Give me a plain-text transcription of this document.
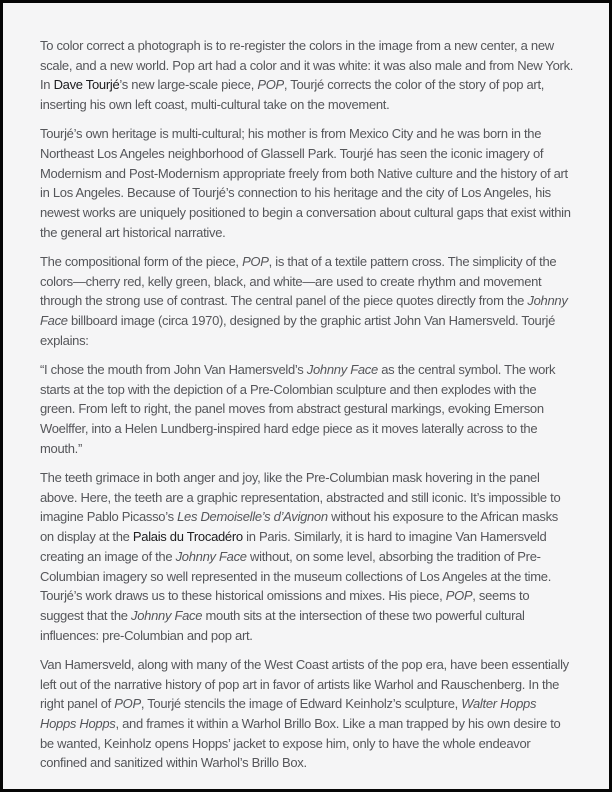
To color correct a photograph is to re-register the colors in the image from a new center, a new scale, and a new world. Pop art had a color and it was white: it was also male and from New York. In Dave Tourjé’s new large-scale piece, POP, Tourjé corrects the color of the story of pop art, inserting his own left coast, multi-cultural take on the movement.

Tourjé’s own heritage is multi-cultural; his mother is from Mexico City and he was born in the Northeast Los Angeles neighborhood of Glassell Park. Tourjé has seen the iconic imagery of Modernism and Post-Modernism appropriate freely from both Native culture and the history of art in Los Angeles. Because of Tourjé’s connection to his heritage and the city of Los Angeles, his newest works are uniquely positioned to begin a conversation about cultural gaps that exist within the general art historical narrative.

The compositional form of the piece, POP, is that of a textile pattern cross. The simplicity of the colors—cherry red, kelly green, black, and white—are used to create rhythm and movement through the strong use of contrast. The central panel of the piece quotes directly from the Johnny Face billboard image (circa 1970), designed by the graphic artist John Van Hamersveld. Tourjé explains:

“I chose the mouth from John Van Hamersveld’s Johnny Face as the central symbol. The work starts at the top with the depiction of a Pre-Colombian sculpture and then explodes with the green. From left to right, the panel moves from abstract gestural markings, evoking Emerson Woelffer, into a Helen Lundberg-inspired hard edge piece as it moves laterally across to the mouth.”

The teeth grimace in both anger and joy, like the Pre-Columbian mask hovering in the panel above. Here, the teeth are a graphic representation, abstracted and still iconic. It’s impossible to imagine Pablo Picasso’s Les Demoiselle’s d’Avignon without his exposure to the African masks on display at the Palais du Trocadéro in Paris. Similarly, it is hard to imagine Van Hamersveld creating an image of the Johnny Face without, on some level, absorbing the tradition of Pre-Columbian imagery so well represented in the museum collections of Los Angeles at the time. Tourjé’s work draws us to these historical omissions and mixes. His piece, POP, seems to suggest that the Johnny Face mouth sits at the intersection of these two powerful cultural influences: pre-Columbian and pop art.

Van Hamersveld, along with many of the West Coast artists of the pop era, have been essentially left out of the narrative history of pop art in favor of artists like Warhol and Rauschenberg. In the right panel of POP, Tourjé stencils the image of Edward Keinholz’s sculpture, Walter Hopps Hopps Hopps, and frames it within a Warhol Brillo Box. Like a man trapped by his own desire to be wanted, Keinholz opens Hopps’ jacket to expose him, only to have the whole endeavor confined and sanitized within Warhol’s Brillo Box.
